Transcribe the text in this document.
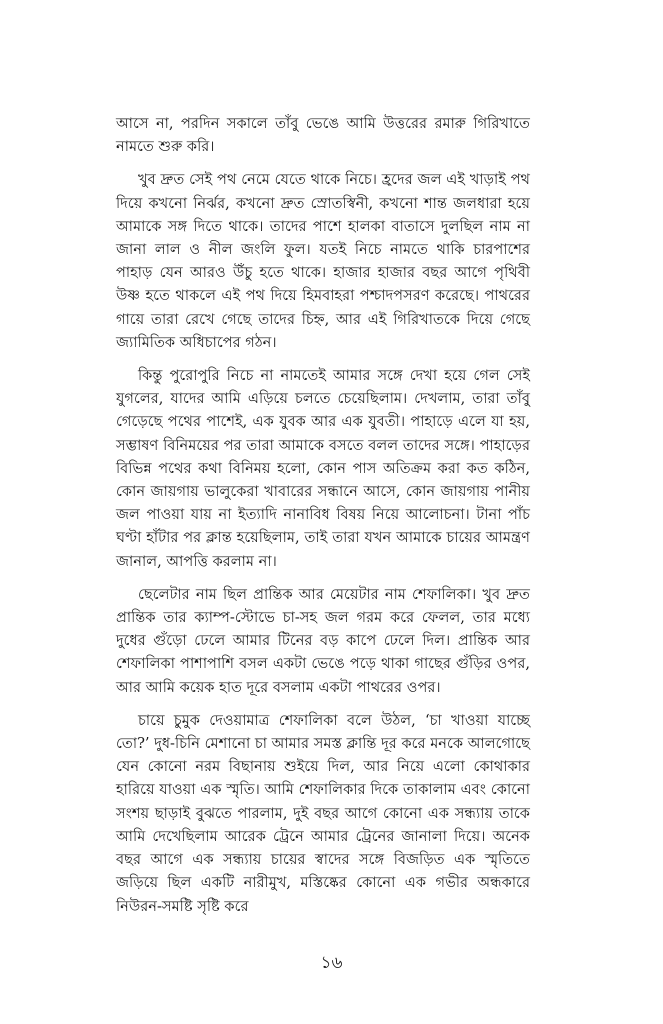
আসে না, পরদিন সকালে তাঁবু ভেঙে আমি উত্তরের রমারু গিরিখাতে নামতে শুরু করি।

খুব দ্রুত সেই পথ নেমে যেতে থাকে নিচে। হ্রদের জল এই খাড়াই পথ দিয়ে কখনো নির্ঝর, কখনো দ্রুত স্রোতস্বিনী, কখনো শান্ত জলধারা হয়ে আমাকে সঙ্গ দিতে থাকে। তাদের পাশে হালকা বাতাসে দুলছিল নাম না জানা লাল ও নীল জংলি ফুল। যতই নিচে নামতে থাকি চারপাশের পাহাড় যেন আরও উঁচু হতে থাকে। হাজার হাজার বছর আগে পৃথিবী উষ্ণ হতে থাকলে এই পথ দিয়ে হিমবাহরা পশ্চাদপসরণ করেছে। পাথরের গায়ে তারা রেখে গেছে তাদের চিহ্ন, আর এই গিরিখাতকে দিয়ে গেছে জ্যামিতিক অধিচাপের গঠন।

কিন্তু পুরোপুরি নিচে না নামতেই আমার সঙ্গে দেখা হয়ে গেল সেই যুগলের, যাদের আমি এড়িয়ে চলতে চেয়েছিলাম। দেখলাম, তারা তাঁবু গেড়েছে পথের পাশেই, এক যুবক আর এক যুবতী। পাহাড়ে এলে যা হয়, সম্ভাষণ বিনিময়ের পর তারা আমাকে বসতে বলল তাদের সঙ্গে। পাহাড়ের বিভিন্ন পথের কথা বিনিময় হলো, কোন পাস অতিক্রম করা কত কঠিন, কোন জায়গায় ভালুকেরা খাবারের সন্ধানে আসে, কোন জায়গায় পানীয় জল পাওয়া যায় না ইত্যাদি নানাবিধ বিষয় নিয়ে আলোচনা। টানা পাঁচ ঘণ্টা হাঁটার পর ক্লান্ত হয়েছিলাম, তাই তারা যখন আমাকে চায়ের আমন্ত্রণ জানাল, আপত্তি করলাম না।

ছেলেটার নাম ছিল প্রান্তিক আর মেয়েটার নাম শেফালিকা। খুব দ্রুত প্রান্তিক তার ক্যাম্প-স্টোভে চা-সহ জল গরম করে ফেলল, তার মধ্যে দুধের গুঁড়ো ঢেলে আমার টিনের বড় কাপে ঢেলে দিল। প্রান্তিক আর শেফালিকা পাশাপাশি বসল একটা ভেঙে পড়ে থাকা গাছের গুঁড়ির ওপর, আর আমি কয়েক হাত দূরে বসলাম একটা পাথরের ওপর।

চায়ে চুমুক দেওয়ামাত্র শেফালিকা বলে উঠল, ‘চা খাওয়া যাচ্ছে তো?’ দুধ-চিনি মেশানো চা আমার সমস্ত ক্লান্তি দূর করে মনকে আলগোছে যেন কোনো নরম বিছানায় শুইয়ে দিল, আর নিয়ে এলো কোথাকার হারিয়ে যাওয়া এক স্মৃতি। আমি শেফালিকার দিকে তাকালাম এবং কোনো সংশয় ছাড়াই বুঝতে পারলাম, দুই বছর আগে কোনো এক সন্ধ্যায় তাকে আমি দেখেছিলাম আরেক ট্রেনে আমার ট্রেনের জানালা দিয়ে। অনেক বছর আগে এক সন্ধ্যায় চায়ের স্বাদের সঙ্গে বিজড়িত এক স্মৃতিতে জড়িয়ে ছিল একটি নারীমুখ, মস্তিষ্কের কোনো এক গভীর অন্ধকারে নিউরন-সমষ্টি সৃষ্টি করে

১৬
